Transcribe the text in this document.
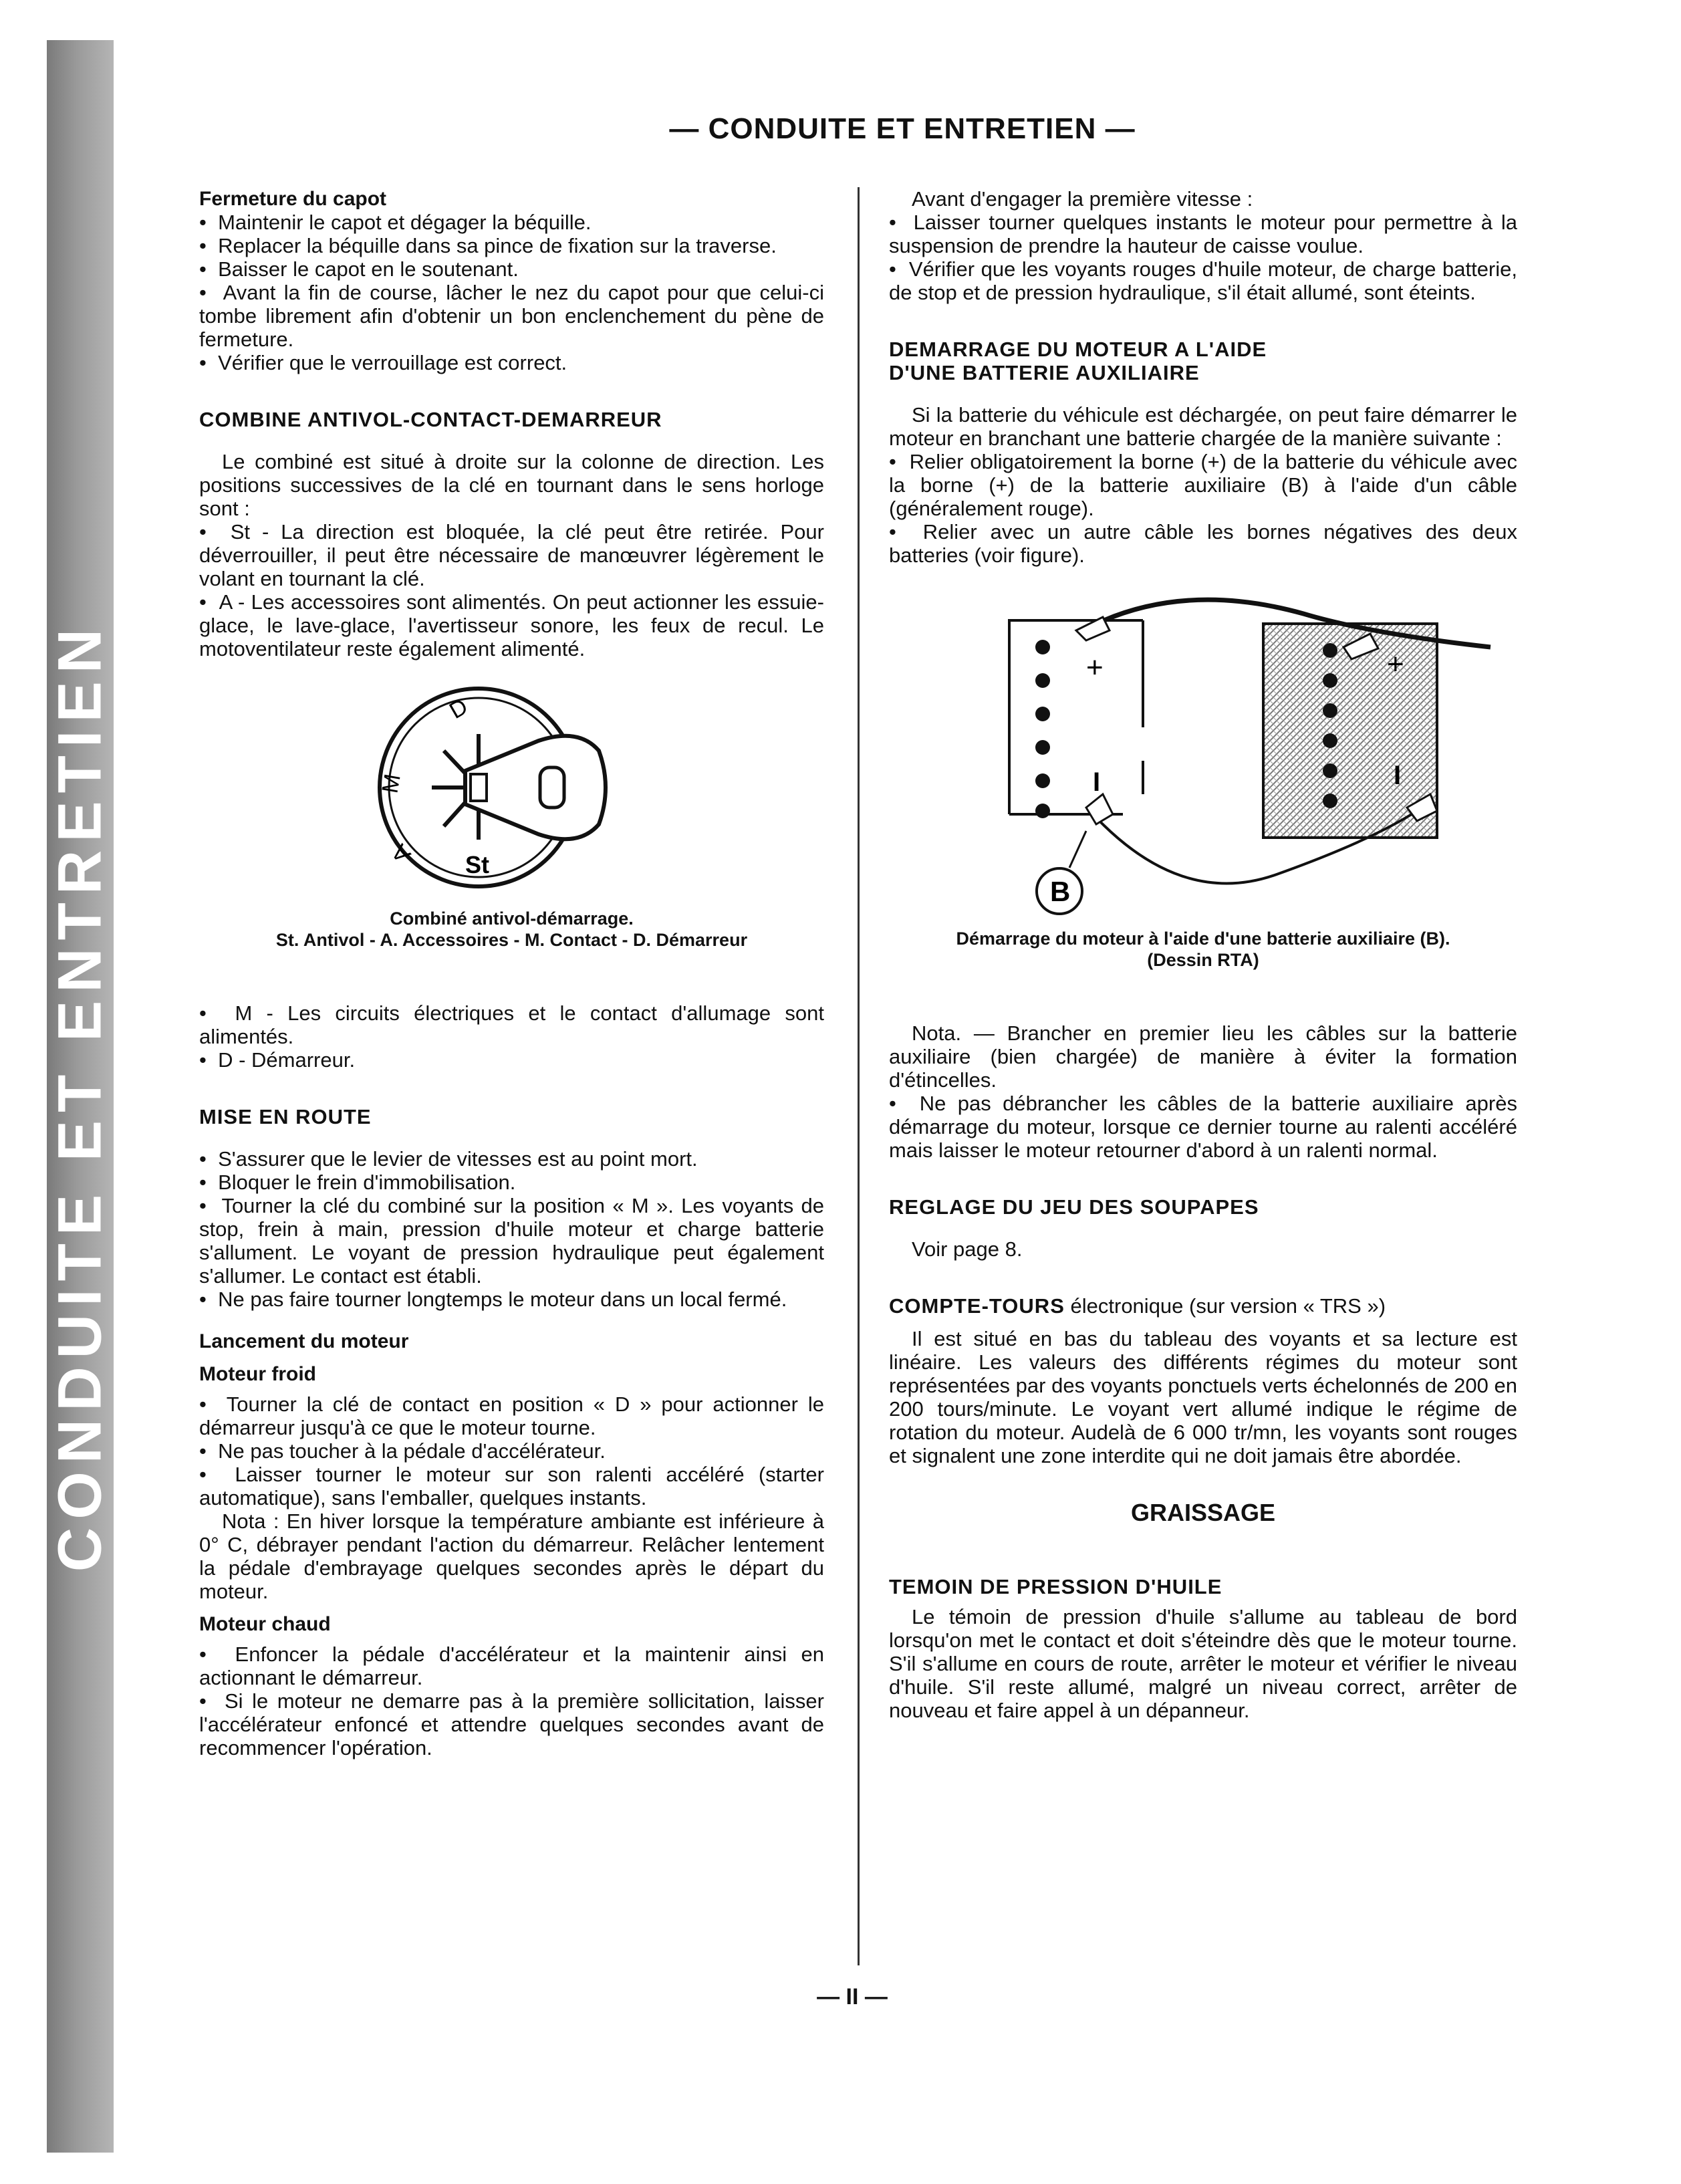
CONDUITE ET ENTRETIEN
— CONDUITE ET ENTRETIEN —

Fermeture du capot

•  Maintenir le capot et dégager la béquille.

•  Replacer la béquille dans sa pince de fixation sur la traverse.

•  Baisser le capot en le soutenant.

•  Avant la fin de course, lâcher le nez du capot pour que celui-ci tombe librement afin d'obtenir un bon enclenchement du pène de fermeture.

•  Vérifier que le verrouillage est correct.

COMBINE ANTIVOL-CONTACT-DEMARREUR

Le combiné est situé à droite sur la colonne de direction. Les positions successives de la clé en tournant dans le sens horloge sont :

•  St - La direction est bloquée, la clé peut être retirée. Pour déverrouiller, il peut être nécessaire de manœuvrer légèrement le volant en tournant la clé.

•  A - Les accessoires sont alimentés. On peut actionner les essuie-glace, le lave-glace, l'avertisseur sonore, les feux de recul. Le motoventilateur reste également alimenté.

D
M
A St

Combiné antivol-démarrage.

St. Antivol - A. Accessoires - M. Contact - D. Démarreur

•  M - Les circuits électriques et le contact d'allumage sont alimentés.

•  D - Démarreur.

MISE EN ROUTE

•  S'assurer que le levier de vitesses est au point mort.

•  Bloquer le frein d'immobilisation.

•  Tourner la clé du combiné sur la position « M ». Les voyants de stop, frein à main, pression d'huile moteur et charge batterie s'allument. Le voyant de pression hydraulique peut également s'allumer. Le contact est établi.

•  Ne pas faire tourner longtemps le moteur dans un local fermé.

Lancement du moteur

Moteur froid

•  Tourner la clé de contact en position « D » pour actionner le démarreur jusqu'à ce que le moteur tourne.

•  Ne pas toucher à la pédale d'accélérateur.

•  Laisser tourner le moteur sur son ralenti accéléré (starter automatique), sans l'emballer, quelques instants.

Nota : En hiver lorsque la température ambiante est inférieure à 0° C, débrayer pendant l'action du démarreur. Relâcher lentement la pédale d'embrayage quelques secondes après le départ du moteur.

Moteur chaud

•  Enfoncer la pédale d'accélérateur et la maintenir ainsi en actionnant le démarreur.

•  Si le moteur ne demarre pas à la première sollicitation, laisser l'accélérateur enfoncé et attendre quelques secondes avant de recommencer l'opération.

Avant d'engager la première vitesse :

•  Laisser tourner quelques instants le moteur pour permettre à la suspension de prendre la hauteur de caisse voulue.

•  Vérifier que les voyants rouges d'huile moteur, de charge batterie, de stop et de pression hydraulique, s'il était allumé, sont éteints.

DEMARRAGE DU MOTEUR A L'AIDE

D'UNE BATTERIE AUXILIAIRE

Si la batterie du véhicule est déchargée, on peut faire démarrer le moteur en branchant une batterie chargée de la manière suivante :

•  Relier obligatoirement la borne (+) de la batterie du véhicule avec la borne (+) de la batterie auxiliaire (B) à l'aide d'un câble (généralement rouge).

•  Relier avec un autre câble les bornes négatives des deux batteries (voir figure).

+
I
+
I
B

Démarrage du moteur à l'aide d'une batterie auxiliaire (B).

(Dessin RTA)

Nota. — Brancher en premier lieu les câbles sur la batterie auxiliaire (bien chargée) de manière à éviter la formation d'étincelles.

•  Ne pas débrancher les câbles de la batterie auxiliaire après démarrage du moteur, lorsque ce dernier tourne au ralenti accéléré mais laisser le moteur retourner d'abord à un ralenti normal.

REGLAGE DU JEU DES SOUPAPES

Voir page 8.

COMPTE-TOURS électronique (sur version « TRS »)

Il est situé en bas du tableau des voyants et sa lecture est linéaire. Les valeurs des différents régimes du moteur sont représentées par des voyants ponctuels verts échelonnés de 200 en 200 tours/minute. Le voyant vert allumé indique le régime de rotation du moteur. Audelà de 6 000 tr/mn, les voyants sont rouges et signalent une zone interdite qui ne doit jamais être abordée.

GRAISSAGE

TEMOIN DE PRESSION D'HUILE

Le témoin de pression d'huile s'allume au tableau de bord lorsqu'on met le contact et doit s'éteindre dès que le moteur tourne. S'il s'allume en cours de route, arrêter le moteur et vérifier le niveau d'huile. S'il reste allumé, malgré un niveau correct, arrêter de nouveau et faire appel à un dépanneur.

— II —
